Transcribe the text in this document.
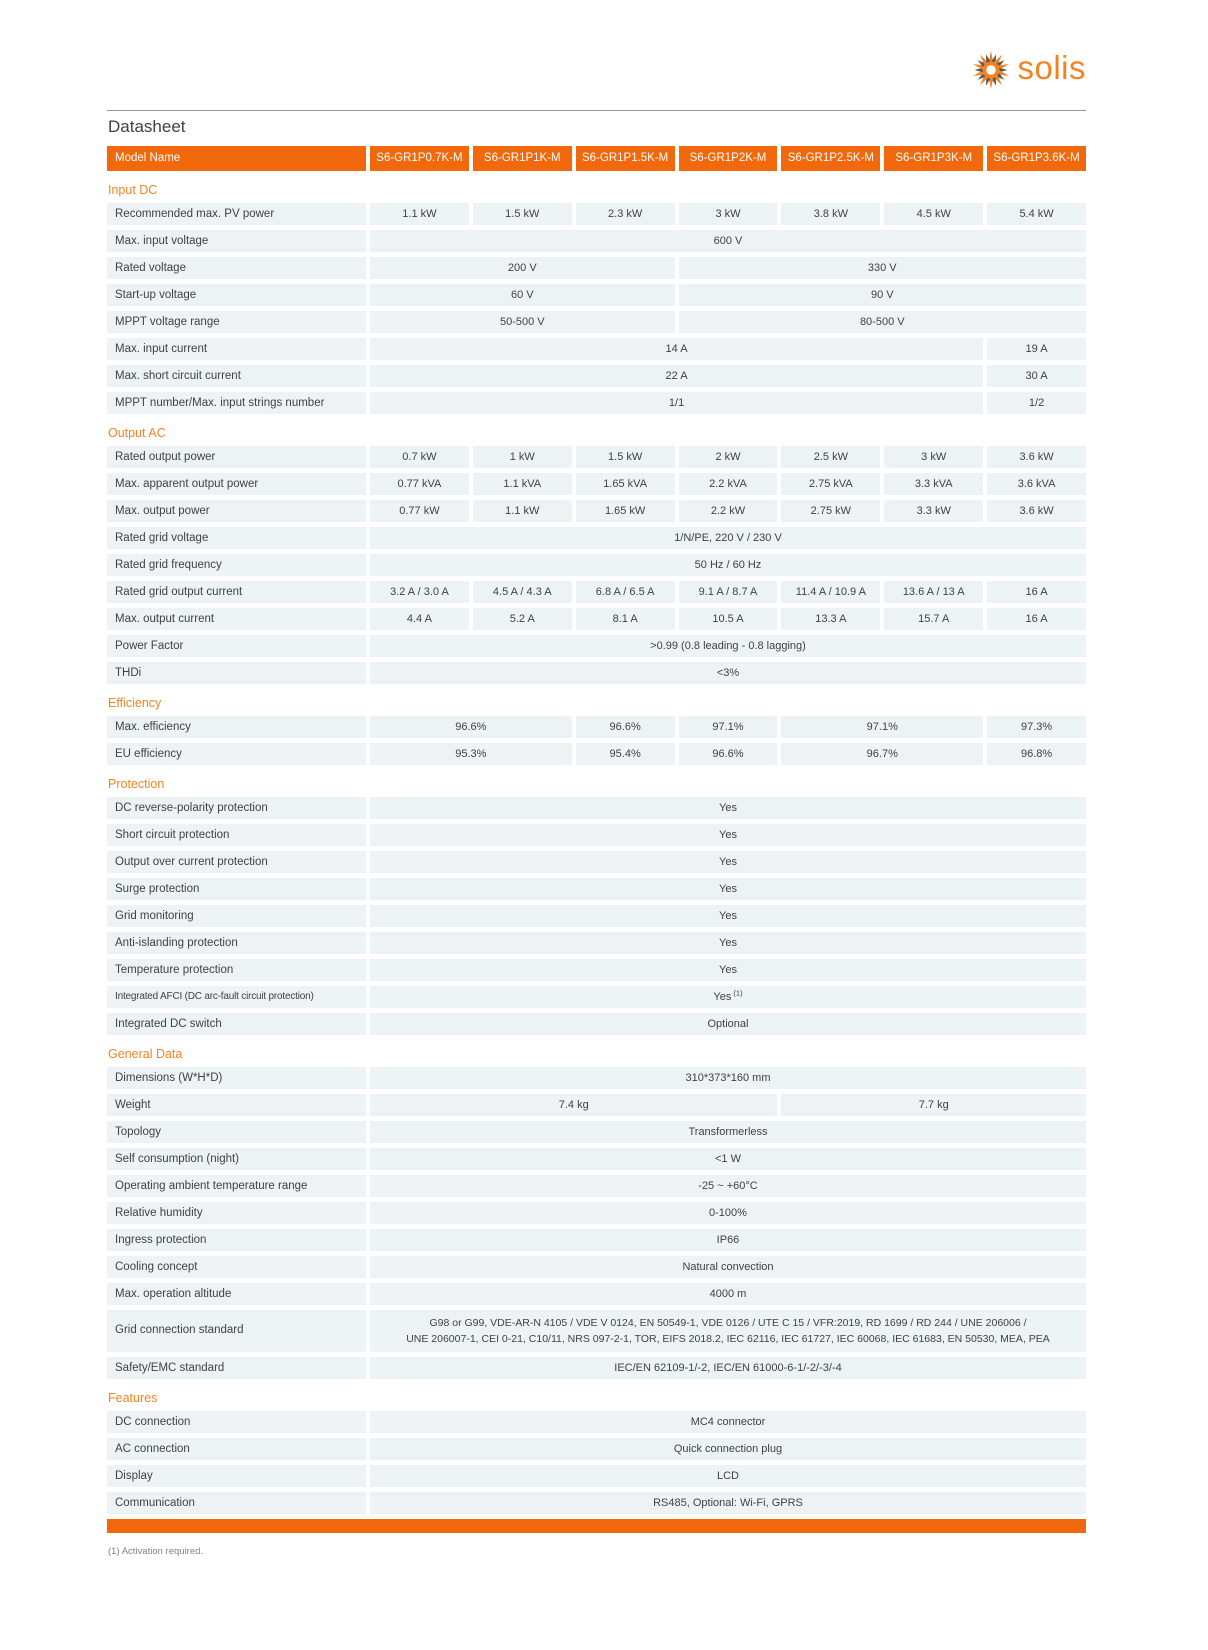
solis
Datasheet
Model Name	S6-GR1P0.7K-M	S6-GR1P1K-M	S6-GR1P1.5K-M	S6-GR1P2K-M	S6-GR1P2.5K-M	S6-GR1P3K-M	S6-GR1P3.6K-M
Input DC
Recommended max. PV power	1.1 kW	1.5 kW	2.3 kW	3 kW	3.8 kW	4.5 kW	5.4 kW
Max. input voltage	600 V
Rated voltage	200 V	330 V
Start-up voltage	60 V	90 V
MPPT voltage range	50-500 V	80-500 V
Max. input current	14 A	19 A
Max. short circuit current	22 A	30 A
MPPT number/Max. input strings number	1/1	1/2
Output AC
Rated output power	0.7 kW	1 kW	1.5 kW	2 kW	2.5 kW	3 kW	3.6 kW
Max. apparent output power	0.77 kVA	1.1 kVA	1.65 kVA	2.2 kVA	2.75 kVA	3.3 kVA	3.6 kVA
Max. output power	0.77 kW	1.1 kW	1.65 kW	2.2 kW	2.75 kW	3.3 kW	3.6 kW
Rated grid voltage	1/N/PE, 220 V / 230 V
Rated grid frequency	50 Hz / 60 Hz
Rated grid output current	3.2 A / 3.0 A	4.5 A / 4.3 A	6.8 A / 6.5 A	9.1 A / 8.7 A	11.4 A / 10.9 A	13.6 A / 13 A	16 A
Max. output current	4.4 A	5.2 A	8.1 A	10.5 A	13.3 A	15.7 A	16 A
Power Factor	>0.99 (0.8 leading - 0.8 lagging)
THDi	<3%
Efficiency
Max. efficiency	96.6%	96.6%	97.1%	97.1%	97.3%
EU efficiency	95.3%	95.4%	96.6%	96.7%	96.8%
Protection
DC reverse-polarity protection	Yes
Short circuit protection	Yes
Output over current protection	Yes
Surge protection	Yes
Grid monitoring	Yes
Anti-islanding protection	Yes
Temperature protection	Yes
Integrated AFCI (DC arc-fault circuit protection)	Yes $^{(1)}$
Integrated DC switch	Optional
General Data
Dimensions (W*H*D)	310*373*160 mm
Weight	7.4 kg	7.7 kg
Topology	Transformerless
Self consumption (night)	<1 W
Operating ambient temperature range	-25 ~ +60°C
Relative humidity	0-100%
Ingress protection	IP66
Cooling concept	Natural convection
Max. operation altitude	4000 m
Grid connection standard
G98 or G99, VDE-AR-N 4105 / VDE V 0124, EN 50549-1, VDE 0126 / UTE C 15 / VFR:2019, RD 1699 / RD 244 / UNE 206006 /
UNE 206007-1, CEI 0-21, C10/11, NRS 097-2-1, TOR, EIFS 2018.2, IEC 62116, IEC 61727, IEC 60068, IEC 61683, EN 50530, MEA, PEA
Safety/EMC standard	IEC/EN 62109-1/-2, IEC/EN 61000-6-1/-2/-3/-4
Features
DC connection	MC4 connector
AC connection	Quick connection plug
Display	LCD
Communication	RS485, Optional: Wi-Fi, GPRS
(1) Activation required.
